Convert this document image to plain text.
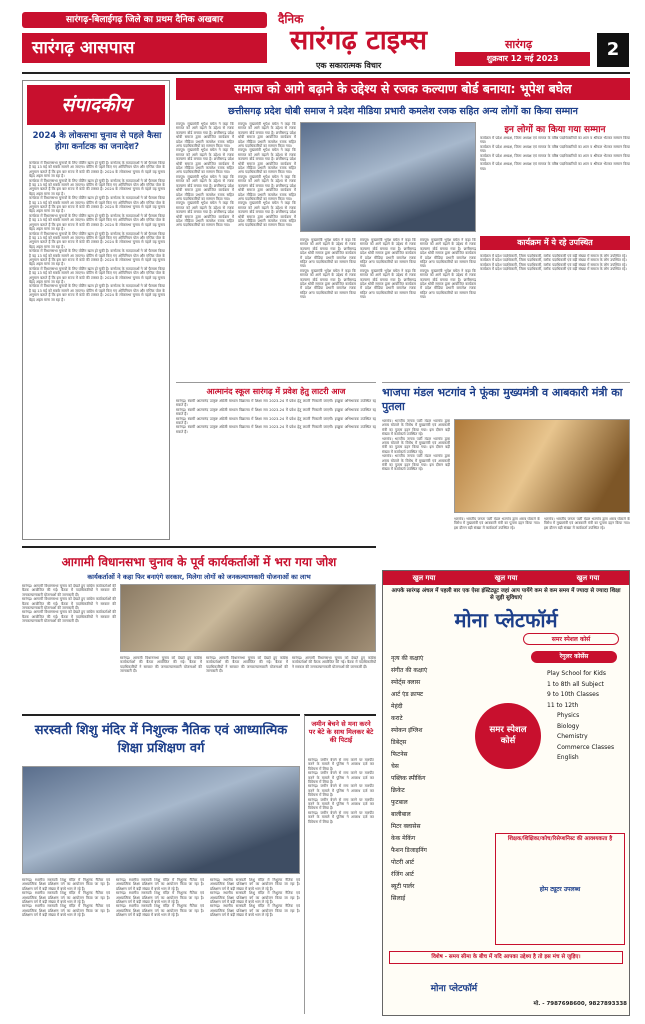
सारंगढ़-बिलाईगढ़ जिले का प्रथम दैनिक अखबार
सारंगढ़ आसपास
दैनिक
सारंगढ़ टाइम्स
एक सकारात्मक विचार
सारंगढ़
शुक्रवार 12 मई 2023	2
संपादकीय
2024 के लोकसभा चुनाव से पहले कैसा होगा कर्नाटक का जनादेश?

कर्नाटक में विधानसभा चुनावों के लिए वोटिंग खत्म हो चुकी है। कर्नाटक के मतदाताओं ने जो फैसला किया है वह 13 मई को सबके सामने आ जाएगा। वोटिंग से पहले किए गए ओपिनियन पोल और एग्जिट पोल के अनुमान बताते हैं कि इस बार राज्य में कांटे की टक्कर है। 2024 के लोकसभा चुनाव से पहले यह चुनाव बेहद अहम माना जा रहा है।

कर्नाटक में विधानसभा चुनावों के लिए वोटिंग खत्म हो चुकी है। कर्नाटक के मतदाताओं ने जो फैसला किया है वह 13 मई को सबके सामने आ जाएगा। वोटिंग से पहले किए गए ओपिनियन पोल और एग्जिट पोल के अनुमान बताते हैं कि इस बार राज्य में कांटे की टक्कर है। 2024 के लोकसभा चुनाव से पहले यह चुनाव बेहद अहम माना जा रहा है।

कर्नाटक में विधानसभा चुनावों के लिए वोटिंग खत्म हो चुकी है। कर्नाटक के मतदाताओं ने जो फैसला किया है वह 13 मई को सबके सामने आ जाएगा। वोटिंग से पहले किए गए ओपिनियन पोल और एग्जिट पोल के अनुमान बताते हैं कि इस बार राज्य में कांटे की टक्कर है। 2024 के लोकसभा चुनाव से पहले यह चुनाव बेहद अहम माना जा रहा है।

कर्नाटक में विधानसभा चुनावों के लिए वोटिंग खत्म हो चुकी है। कर्नाटक के मतदाताओं ने जो फैसला किया है वह 13 मई को सबके सामने आ जाएगा। वोटिंग से पहले किए गए ओपिनियन पोल और एग्जिट पोल के अनुमान बताते हैं कि इस बार राज्य में कांटे की टक्कर है। 2024 के लोकसभा चुनाव से पहले यह चुनाव बेहद अहम माना जा रहा है।

कर्नाटक में विधानसभा चुनावों के लिए वोटिंग खत्म हो चुकी है। कर्नाटक के मतदाताओं ने जो फैसला किया है वह 13 मई को सबके सामने आ जाएगा। वोटिंग से पहले किए गए ओपिनियन पोल और एग्जिट पोल के अनुमान बताते हैं कि इस बार राज्य में कांटे की टक्कर है। 2024 के लोकसभा चुनाव से पहले यह चुनाव बेहद अहम माना जा रहा है।

कर्नाटक में विधानसभा चुनावों के लिए वोटिंग खत्म हो चुकी है। कर्नाटक के मतदाताओं ने जो फैसला किया है वह 13 मई को सबके सामने आ जाएगा। वोटिंग से पहले किए गए ओपिनियन पोल और एग्जिट पोल के अनुमान बताते हैं कि इस बार राज्य में कांटे की टक्कर है। 2024 के लोकसभा चुनाव से पहले यह चुनाव बेहद अहम माना जा रहा है।

कर्नाटक में विधानसभा चुनावों के लिए वोटिंग खत्म हो चुकी है। कर्नाटक के मतदाताओं ने जो फैसला किया है वह 13 मई को सबके सामने आ जाएगा। वोटिंग से पहले किए गए ओपिनियन पोल और एग्जिट पोल के अनुमान बताते हैं कि इस बार राज्य में कांटे की टक्कर है। 2024 के लोकसभा चुनाव से पहले यह चुनाव बेहद अहम माना जा रहा है।

कर्नाटक में विधानसभा चुनावों के लिए वोटिंग खत्म हो चुकी है। कर्नाटक के मतदाताओं ने जो फैसला किया है वह 13 मई को सबके सामने आ जाएगा। वोटिंग से पहले किए गए ओपिनियन पोल और एग्जिट पोल के अनुमान बताते हैं कि इस बार राज्य में कांटे की टक्कर है। 2024 के लोकसभा चुनाव से पहले यह चुनाव बेहद अहम माना जा रहा है।

समाज को आगे बढ़ाने के उद्देश्य से रजक कल्याण बोर्ड बनाया: भूपेश बघेल
छत्तीसगढ़ प्रदेश धोबी समाज ने प्रदेश मीडिया प्रभारी कमलेश रजक सहित अन्य लोगों का किया सम्मान

रायपुर। मुख्यमंत्री भूपेश बघेल ने कहा कि समाज को आगे बढ़ाने के उद्देश्य से रजक कल्याण बोर्ड बनाया गया है। छत्तीसगढ़ प्रदेश धोबी समाज द्वारा आयोजित कार्यक्रम में प्रदेश मीडिया प्रभारी कमलेश रजक सहित अन्य पदाधिकारियों का सम्मान किया गया।

रायपुर। मुख्यमंत्री भूपेश बघेल ने कहा कि समाज को आगे बढ़ाने के उद्देश्य से रजक कल्याण बोर्ड बनाया गया है। छत्तीसगढ़ प्रदेश धोबी समाज द्वारा आयोजित कार्यक्रम में प्रदेश मीडिया प्रभारी कमलेश रजक सहित अन्य पदाधिकारियों का सम्मान किया गया।

रायपुर। मुख्यमंत्री भूपेश बघेल ने कहा कि समाज को आगे बढ़ाने के उद्देश्य से रजक कल्याण बोर्ड बनाया गया है। छत्तीसगढ़ प्रदेश धोबी समाज द्वारा आयोजित कार्यक्रम में प्रदेश मीडिया प्रभारी कमलेश रजक सहित अन्य पदाधिकारियों का सम्मान किया गया।

रायपुर। मुख्यमंत्री भूपेश बघेल ने कहा कि समाज को आगे बढ़ाने के उद्देश्य से रजक कल्याण बोर्ड बनाया गया है। छत्तीसगढ़ प्रदेश धोबी समाज द्वारा आयोजित कार्यक्रम में प्रदेश मीडिया प्रभारी कमलेश रजक सहित अन्य पदाधिकारियों का सम्मान किया गया।

रायपुर। मुख्यमंत्री भूपेश बघेल ने कहा कि समाज को आगे बढ़ाने के उद्देश्य से रजक कल्याण बोर्ड बनाया गया है। छत्तीसगढ़ प्रदेश धोबी समाज द्वारा आयोजित कार्यक्रम में प्रदेश मीडिया प्रभारी कमलेश रजक सहित अन्य पदाधिकारियों का सम्मान किया गया।

रायपुर। मुख्यमंत्री भूपेश बघेल ने कहा कि समाज को आगे बढ़ाने के उद्देश्य से रजक कल्याण बोर्ड बनाया गया है। छत्तीसगढ़ प्रदेश धोबी समाज द्वारा आयोजित कार्यक्रम में प्रदेश मीडिया प्रभारी कमलेश रजक सहित अन्य पदाधिकारियों का सम्मान किया गया।

रायपुर। मुख्यमंत्री भूपेश बघेल ने कहा कि समाज को आगे बढ़ाने के उद्देश्य से रजक कल्याण बोर्ड बनाया गया है। छत्तीसगढ़ प्रदेश धोबी समाज द्वारा आयोजित कार्यक्रम में प्रदेश मीडिया प्रभारी कमलेश रजक सहित अन्य पदाधिकारियों का सम्मान किया गया।

रायपुर। मुख्यमंत्री भूपेश बघेल ने कहा कि समाज को आगे बढ़ाने के उद्देश्य से रजक कल्याण बोर्ड बनाया गया है। छत्तीसगढ़ प्रदेश धोबी समाज द्वारा आयोजित कार्यक्रम में प्रदेश मीडिया प्रभारी कमलेश रजक सहित अन्य पदाधिकारियों का सम्मान किया गया।

रायपुर। मुख्यमंत्री भूपेश बघेल ने कहा कि समाज को आगे बढ़ाने के उद्देश्य से रजक कल्याण बोर्ड बनाया गया है। छत्तीसगढ़ प्रदेश धोबी समाज द्वारा आयोजित कार्यक्रम में प्रदेश मीडिया प्रभारी कमलेश रजक सहित अन्य पदाधिकारियों का सम्मान किया गया।

रायपुर। मुख्यमंत्री भूपेश बघेल ने कहा कि समाज को आगे बढ़ाने के उद्देश्य से रजक कल्याण बोर्ड बनाया गया है। छत्तीसगढ़ प्रदेश धोबी समाज द्वारा आयोजित कार्यक्रम में प्रदेश मीडिया प्रभारी कमलेश रजक सहित अन्य पदाधिकारियों का सम्मान किया गया।

रायपुर। मुख्यमंत्री भूपेश बघेल ने कहा कि समाज को आगे बढ़ाने के उद्देश्य से रजक कल्याण बोर्ड बनाया गया है। छत्तीसगढ़ प्रदेश धोबी समाज द्वारा आयोजित कार्यक्रम में प्रदेश मीडिया प्रभारी कमलेश रजक सहित अन्य पदाधिकारियों का सम्मान किया गया।

रायपुर। मुख्यमंत्री भूपेश बघेल ने कहा कि समाज को आगे बढ़ाने के उद्देश्य से रजक कल्याण बोर्ड बनाया गया है। छत्तीसगढ़ प्रदेश धोबी समाज द्वारा आयोजित कार्यक्रम में प्रदेश मीडिया प्रभारी कमलेश रजक सहित अन्य पदाधिकारियों का सम्मान किया गया।

रायपुर। मुख्यमंत्री भूपेश बघेल ने कहा कि समाज को आगे बढ़ाने के उद्देश्य से रजक कल्याण बोर्ड बनाया गया है। छत्तीसगढ़ प्रदेश धोबी समाज द्वारा आयोजित कार्यक्रम में प्रदेश मीडिया प्रभारी कमलेश रजक सहित अन्य पदाधिकारियों का सम्मान किया गया।

रायपुर। मुख्यमंत्री भूपेश बघेल ने कहा कि समाज को आगे बढ़ाने के उद्देश्य से रजक कल्याण बोर्ड बनाया गया है। छत्तीसगढ़ प्रदेश धोबी समाज द्वारा आयोजित कार्यक्रम में प्रदेश मीडिया प्रभारी कमलेश रजक सहित अन्य पदाधिकारियों का सम्मान किया गया।

इन लोगों का किया गया सम्मान

कार्यक्रम में प्रदेश अध्यक्ष, जिला अध्यक्ष एवं समाज के वरिष्ठ पदाधिकारियों का शाल व श्रीफल भेंटकर सम्मान किया गया।

कार्यक्रम में प्रदेश अध्यक्ष, जिला अध्यक्ष एवं समाज के वरिष्ठ पदाधिकारियों का शाल व श्रीफल भेंटकर सम्मान किया गया।

कार्यक्रम में प्रदेश अध्यक्ष, जिला अध्यक्ष एवं समाज के वरिष्ठ पदाधिकारियों का शाल व श्रीफल भेंटकर सम्मान किया गया।

कार्यक्रम में प्रदेश अध्यक्ष, जिला अध्यक्ष एवं समाज के वरिष्ठ पदाधिकारियों का शाल व श्रीफल भेंटकर सम्मान किया गया।

कार्यक्रम में ये रहे उपस्थित

कार्यक्रम में प्रदेश पदाधिकारी, जिला पदाधिकारी, ब्लॉक पदाधिकारी एवं बड़ी संख्या में समाज के लोग उपस्थित रहे।

कार्यक्रम में प्रदेश पदाधिकारी, जिला पदाधिकारी, ब्लॉक पदाधिकारी एवं बड़ी संख्या में समाज के लोग उपस्थित रहे।

कार्यक्रम में प्रदेश पदाधिकारी, जिला पदाधिकारी, ब्लॉक पदाधिकारी एवं बड़ी संख्या में समाज के लोग उपस्थित रहे।

कार्यक्रम में प्रदेश पदाधिकारी, जिला पदाधिकारी, ब्लॉक पदाधिकारी एवं बड़ी संख्या में समाज के लोग उपस्थित रहे।

आत्मानंद स्कूल सारंगढ़ में प्रवेश हेतु लाटरी आज

सारंगढ़। स्वामी आत्मानंद उत्कृष्ट अंग्रेजी माध्यम विद्यालय में शिक्षा सत्र 2023-24 में प्रवेश हेतु लाटरी निकाली जाएगी। इच्छुक अभिभावक उपस्थित रह सकते हैं।

सारंगढ़। स्वामी आत्मानंद उत्कृष्ट अंग्रेजी माध्यम विद्यालय में शिक्षा सत्र 2023-24 में प्रवेश हेतु लाटरी निकाली जाएगी। इच्छुक अभिभावक उपस्थित रह सकते हैं।

सारंगढ़। स्वामी आत्मानंद उत्कृष्ट अंग्रेजी माध्यम विद्यालय में शिक्षा सत्र 2023-24 में प्रवेश हेतु लाटरी निकाली जाएगी। इच्छुक अभिभावक उपस्थित रह सकते हैं।

सारंगढ़। स्वामी आत्मानंद उत्कृष्ट अंग्रेजी माध्यम विद्यालय में शिक्षा सत्र 2023-24 में प्रवेश हेतु लाटरी निकाली जाएगी। इच्छुक अभिभावक उपस्थित रह सकते हैं।

भाजपा मंडल भटगांव ने फूंका मुख्यमंत्री व आबकारी मंत्री का पुतला

भटगांव। भारतीय जनता पार्टी मंडल भटगांव द्वारा शराब घोटाले के विरोध में मुख्यमंत्री एवं आबकारी मंत्री का पुतला दहन किया गया। इस दौरान बड़ी संख्या में कार्यकर्ता उपस्थित रहे।

भटगांव। भारतीय जनता पार्टी मंडल भटगांव द्वारा शराब घोटाले के विरोध में मुख्यमंत्री एवं आबकारी मंत्री का पुतला दहन किया गया। इस दौरान बड़ी संख्या में कार्यकर्ता उपस्थित रहे।

भटगांव। भारतीय जनता पार्टी मंडल भटगांव द्वारा शराब घोटाले के विरोध में मुख्यमंत्री एवं आबकारी मंत्री का पुतला दहन किया गया। इस दौरान बड़ी संख्या में कार्यकर्ता उपस्थित रहे।

भटगांव। भारतीय जनता पार्टी मंडल भटगांव द्वारा शराब घोटाले के विरोध में मुख्यमंत्री एवं आबकारी मंत्री का पुतला दहन किया गया। इस दौरान बड़ी संख्या में कार्यकर्ता उपस्थित रहे।

भटगांव। भारतीय जनता पार्टी मंडल भटगांव द्वारा शराब घोटाले के विरोध में मुख्यमंत्री एवं आबकारी मंत्री का पुतला दहन किया गया। इस दौरान बड़ी संख्या में कार्यकर्ता उपस्थित रहे।

आगामी विधानसभा चुनाव के पूर्व कार्यकर्ताओं में भरा गया जोश
कार्यकर्ताओं ने कहा फिर बनाएंगे सरकार, मिलेगा लोगों को जनकल्याणकारी योजनाओं का लाभ

सारंगढ़। आगामी विधानसभा चुनाव को देखते हुए कांग्रेस कार्यकर्ताओं की बैठक आयोजित की गई। बैठक में पदाधिकारियों ने सरकार की जनकल्याणकारी योजनाओं की जानकारी दी।

सारंगढ़। आगामी विधानसभा चुनाव को देखते हुए कांग्रेस कार्यकर्ताओं की बैठक आयोजित की गई। बैठक में पदाधिकारियों ने सरकार की जनकल्याणकारी योजनाओं की जानकारी दी।

सारंगढ़। आगामी विधानसभा चुनाव को देखते हुए कांग्रेस कार्यकर्ताओं की बैठक आयोजित की गई। बैठक में पदाधिकारियों ने सरकार की जनकल्याणकारी योजनाओं की जानकारी दी।

सारंगढ़। आगामी विधानसभा चुनाव को देखते हुए कांग्रेस कार्यकर्ताओं की बैठक आयोजित की गई। बैठक में पदाधिकारियों ने सरकार की जनकल्याणकारी योजनाओं की जानकारी दी।

सारंगढ़। आगामी विधानसभा चुनाव को देखते हुए कांग्रेस कार्यकर्ताओं की बैठक आयोजित की गई। बैठक में पदाधिकारियों ने सरकार की जनकल्याणकारी योजनाओं की जानकारी दी।

सारंगढ़। आगामी विधानसभा चुनाव को देखते हुए कांग्रेस कार्यकर्ताओं की बैठक आयोजित की गई। बैठक में पदाधिकारियों ने सरकार की जनकल्याणकारी योजनाओं की जानकारी दी।

सरस्वती शिशु मंदिर में निशुल्क नैतिक एवं आध्यात्मिक शिक्षा प्रशिक्षण वर्ग

सारंगढ़। स्थानीय सरस्वती शिशु मंदिर में निशुल्क नैतिक एवं आध्यात्मिक शिक्षा प्रशिक्षण वर्ग का आयोजन किया जा रहा है। प्रशिक्षण वर्ग में बड़ी संख्या में बच्चे भाग ले रहे हैं।

सारंगढ़। स्थानीय सरस्वती शिशु मंदिर में निशुल्क नैतिक एवं आध्यात्मिक शिक्षा प्रशिक्षण वर्ग का आयोजन किया जा रहा है। प्रशिक्षण वर्ग में बड़ी संख्या में बच्चे भाग ले रहे हैं।

सारंगढ़। स्थानीय सरस्वती शिशु मंदिर में निशुल्क नैतिक एवं आध्यात्मिक शिक्षा प्रशिक्षण वर्ग का आयोजन किया जा रहा है। प्रशिक्षण वर्ग में बड़ी संख्या में बच्चे भाग ले रहे हैं।

सारंगढ़। स्थानीय सरस्वती शिशु मंदिर में निशुल्क नैतिक एवं आध्यात्मिक शिक्षा प्रशिक्षण वर्ग का आयोजन किया जा रहा है। प्रशिक्षण वर्ग में बड़ी संख्या में बच्चे भाग ले रहे हैं।

सारंगढ़। स्थानीय सरस्वती शिशु मंदिर में निशुल्क नैतिक एवं आध्यात्मिक शिक्षा प्रशिक्षण वर्ग का आयोजन किया जा रहा है। प्रशिक्षण वर्ग में बड़ी संख्या में बच्चे भाग ले रहे हैं।

सारंगढ़। स्थानीय सरस्वती शिशु मंदिर में निशुल्क नैतिक एवं आध्यात्मिक शिक्षा प्रशिक्षण वर्ग का आयोजन किया जा रहा है। प्रशिक्षण वर्ग में बड़ी संख्या में बच्चे भाग ले रहे हैं।

सारंगढ़। स्थानीय सरस्वती शिशु मंदिर में निशुल्क नैतिक एवं आध्यात्मिक शिक्षा प्रशिक्षण वर्ग का आयोजन किया जा रहा है। प्रशिक्षण वर्ग में बड़ी संख्या में बच्चे भाग ले रहे हैं।

सारंगढ़। स्थानीय सरस्वती शिशु मंदिर में निशुल्क नैतिक एवं आध्यात्मिक शिक्षा प्रशिक्षण वर्ग का आयोजन किया जा रहा है। प्रशिक्षण वर्ग में बड़ी संख्या में बच्चे भाग ले रहे हैं।

सारंगढ़। स्थानीय सरस्वती शिशु मंदिर में निशुल्क नैतिक एवं आध्यात्मिक शिक्षा प्रशिक्षण वर्ग का आयोजन किया जा रहा है। प्रशिक्षण वर्ग में बड़ी संख्या में बच्चे भाग ले रहे हैं।

जमीन बेचने से मना करने पर बेटे के साथ मिलकर बेटे की पिटाई

सारंगढ़। जमीन बेचने से मना करने पर मारपीट करने के मामले में पुलिस ने अपराध दर्ज कर विवेचना में लिया है।

सारंगढ़। जमीन बेचने से मना करने पर मारपीट करने के मामले में पुलिस ने अपराध दर्ज कर विवेचना में लिया है।

सारंगढ़। जमीन बेचने से मना करने पर मारपीट करने के मामले में पुलिस ने अपराध दर्ज कर विवेचना में लिया है।

सारंगढ़। जमीन बेचने से मना करने पर मारपीट करने के मामले में पुलिस ने अपराध दर्ज कर विवेचना में लिया है।

सारंगढ़। जमीन बेचने से मना करने पर मारपीट करने के मामले में पुलिस ने अपराध दर्ज कर विवेचना में लिया है।

खुल गया	खुल गया	खुल गया
आपके सारंगढ़ अंचल में पहली बार एक ऐसा इंस्टिट्यूट जहां आप पायेंगे कम से कम समय में ज्यादा से ज्यादा शिक्षा से जुड़ी सुविधाएं
मोना प्लेटफॉर्म
समर स्पेशल कोर्स
नृत्य की कक्षाएं
संगीत की कक्षाएं
स्पोर्ट्स क्लास
आर्ट एंड क्राफ्ट
मेहंदी
कराटे
स्पोकन इंग्लिश
डिबेट्स
फिटनेस
चेस
पब्लिक स्पीकिंग
क्रिकेट
फुटबाल
बालीबाल
मिटर क्लासेस
केक मेकिंग
फैशन डिजाइनिंग
पोटरी आर्ट
रंजिंग आर्ट
ब्यूटी पार्लर
सिलाई
रेगुलर कोर्सेस
समर स्पेशल कोर्स
Play School for Kids
1 to 8th all Subject
9 to 10th Classes
11 to 12th
Physics
Biology
Chemistry
Commerce Classes
English
शिक्षक/शिक्षिका/कोच/रिसेप्शनिस्ट की आवश्यकता है
होम ट्यूटर उपलब्ध
विशेष - समय सीमा के बीच में यदि आपका उद्देश्य है तो इस मंच से जुड़िए।
मोना प्लेटफॉर्म
मो. - 7987698600, 9827893338
